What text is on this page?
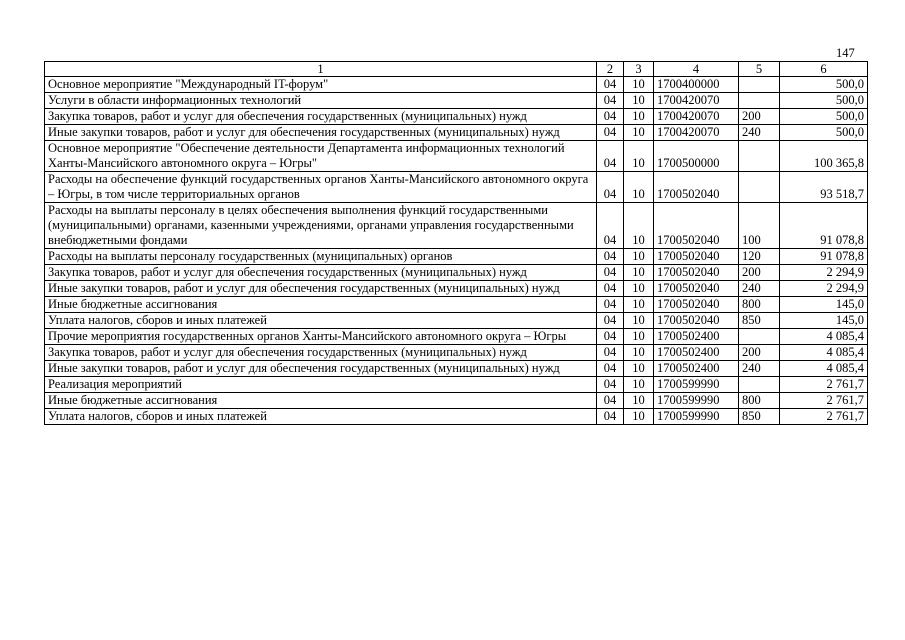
147
1	2	3	4	5	6
Основное мероприятие "Международный IT-форум"	04	10	1700400000		500,0
Услуги в области информационных технологий	04	10	1700420070		500,0
Закупка товаров, работ и услуг для обеспечения государственных (муниципальных) нужд	04	10	1700420070	200	500,0
Иные закупки товаров, работ и услуг для обеспечения государственных (муниципальных) нужд	04	10	1700420070	240	500,0
Основное мероприятие "Обеспечение деятельности Департамента информационных технологий Ханты-Мансийского автономного округа – Югры"	04	10	1700500000		100 365,8
Расходы на обеспечение функций государственных органов Ханты-Мансийского автономного округа – Югры, в том числе территориальных органов	04	10	1700502040		93 518,7
Расходы на выплаты персоналу в целях обеспечения выполнения функций государственными (муниципальными) органами, казенными учреждениями, органами управления государственными внебюджетными фондами	04	10	1700502040	100	91 078,8
Расходы на выплаты персоналу государственных (муниципальных) органов	04	10	1700502040	120	91 078,8
Закупка товаров, работ и услуг для обеспечения государственных (муниципальных) нужд	04	10	1700502040	200	2 294,9
Иные закупки товаров, работ и услуг для обеспечения государственных (муниципальных) нужд	04	10	1700502040	240	2 294,9
Иные бюджетные ассигнования	04	10	1700502040	800	145,0
Уплата налогов, сборов и иных платежей	04	10	1700502040	850	145,0
Прочие мероприятия государственных органов Ханты-Мансийского автономного округа – Югры	04	10	1700502400		4 085,4
Закупка товаров, работ и услуг для обеспечения государственных (муниципальных) нужд	04	10	1700502400	200	4 085,4
Иные закупки товаров, работ и услуг для обеспечения государственных (муниципальных) нужд	04	10	1700502400	240	4 085,4
Реализация мероприятий	04	10	1700599990		2 761,7
Иные бюджетные ассигнования	04	10	1700599990	800	2 761,7
Уплата налогов, сборов и иных платежей	04	10	1700599990	850	2 761,7
